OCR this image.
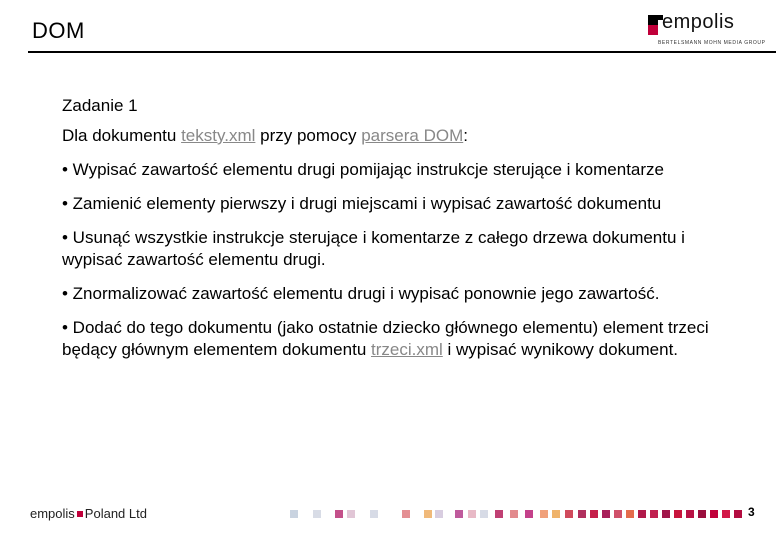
DOM	empolis
BERTELSMANN MOHN MEDIA GROUP
Zadanie 1
Dla dokumentu teksty.xml przy pomocy parsera DOM:
• Wypisać zawartość elementu drugi pomijając instrukcje sterujące i komentarze
• Zamienić elementy pierwszy i drugi miejscami i wypisać zawartość dokumentu
• Usunąć wszystkie instrukcje sterujące i komentarze z całego drzewa dokumentu i wypisać zawartość elementu drugi.
• Znormalizować zawartość elementu drugi i wypisać ponownie jego zawartość.
• Dodać do tego dokumentu (jako ostatnie dziecko głównego elementu) element trzeci będący głównym elementem dokumentu trzeci.xml i wypisać wynikowy dokument.
empolis Poland Ltd	3
